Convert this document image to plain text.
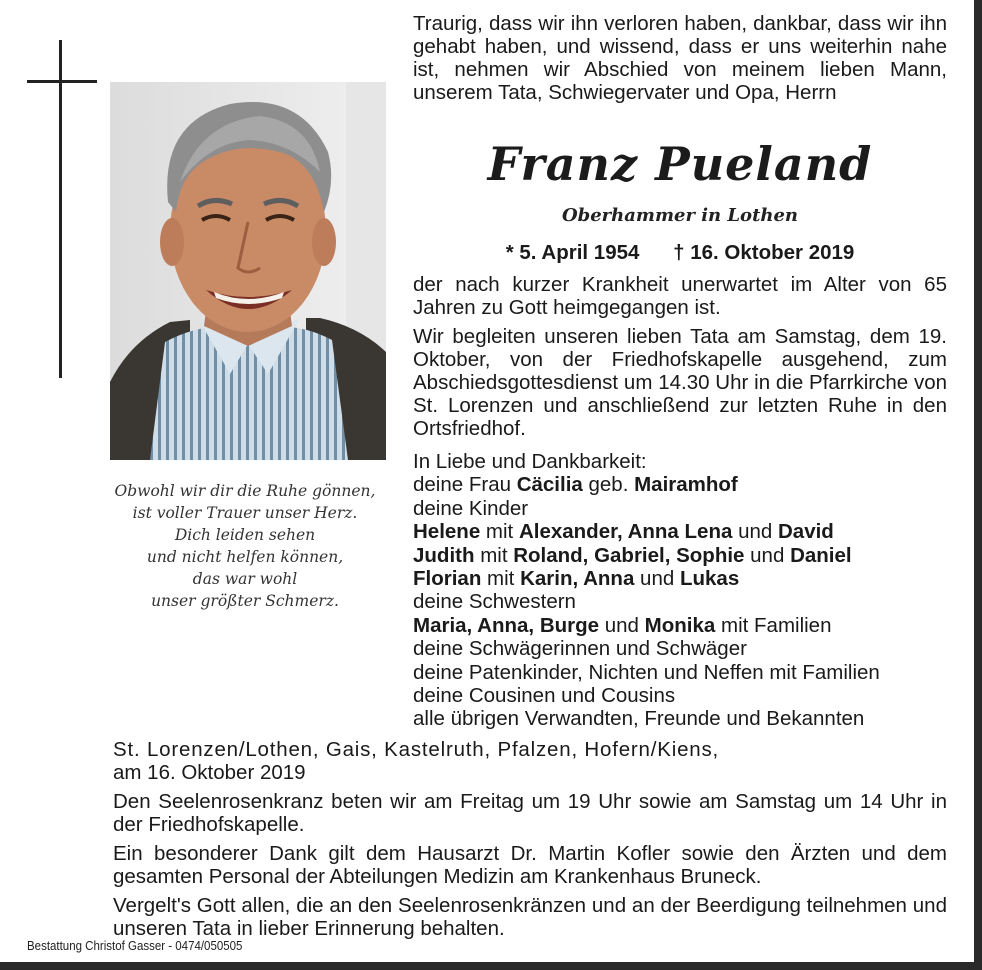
Obwohl wir dir die Ruhe gönnen,
ist voller Trauer unser Herz.
Dich leiden sehen
und nicht helfen können,
das war wohl
unser größter Schmerz.

Traurig, dass wir ihn verloren haben, dankbar, dass wir ihn gehabt haben, und wissend, dass er uns weiterhin nahe ist, nehmen wir Abschied von meinem lieben Mann, unserem Tata, Schwiegervater und Opa, Herrn

Franz Pueland
Oberhammer in Lothen
* 5. April 1954 † 16. Oktober 2019

der nach kurzer Krankheit unerwartet im Alter von 65 Jahren zu Gott heimgegangen ist.

Wir begleiten unseren lieben Tata am Samstag, dem 19. Oktober, von der Friedhofskapelle ausgehend, zum Abschiedsgottesdienst um 14.30 Uhr in die Pfarrkirche von St. Lorenzen und anschließend zur letzten Ruhe in den Ortsfriedhof.

In Liebe und Dankbarkeit:
deine Frau Cäcilia geb. Mairamhof
deine Kinder
Helene mit Alexander, Anna Lena und David
Judith mit Roland, Gabriel, Sophie und Daniel
Florian mit Karin, Anna und Lukas
deine Schwestern
Maria, Anna, Burge und Monika mit Familien
deine Schwägerinnen und Schwäger
deine Patenkinder, Nichten und Neffen mit Familien
deine Cousinen und Cousins
alle übrigen Verwandten, Freunde und Bekannten
St. Lorenzen/Lothen, Gais, Kastelruth, Pfalzen, Hofern/Kiens,
am 16. Oktober 2019

Den Seelenrosenkranz beten wir am Freitag um 19 Uhr sowie am Samstag um 14 Uhr in der Friedhofskapelle.

Ein besonderer Dank gilt dem Hausarzt Dr. Martin Kofler sowie den Ärzten und dem gesamten Personal der Abteilungen Medizin am Krankenhaus Bruneck.

Vergelt's Gott allen, die an den Seelenrosenkränzen und an der Beerdigung teilnehmen und unseren Tata in lieber Erinnerung behalten.

Bestattung Christof Gasser - 0474/050505
